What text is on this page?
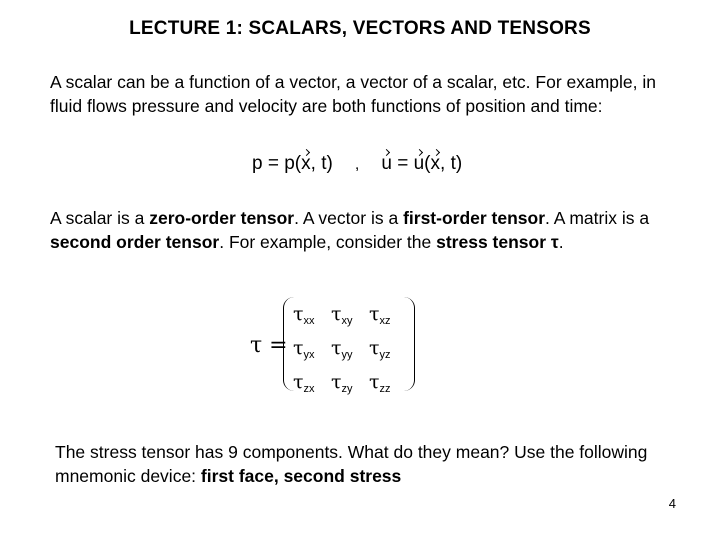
LECTURE 1: SCALARS, VECTORS AND TENSORS
A scalar can be a function of a vector, a vector of a scalar, etc. For example, in fluid flows pressure and velocity are both functions of position and time:
p = p(x, t) , u = u(x, t)
A scalar is a zero-order tensor. A vector is a first-order tensor. A matrix is a second order tensor. For example, consider the stress tensor τ.
τ =
$\tau_{xx}$ $\tau_{xy}$ $\tau_{xz}$
$\tau_{yx}$ $\tau_{yy}$ $\tau_{yz}$
$\tau_{zx}$ $\tau_{zy}$ $\tau_{zz}$
The stress tensor has 9 components. What do they mean? Use the following mnemonic device: first face, second stress
4
